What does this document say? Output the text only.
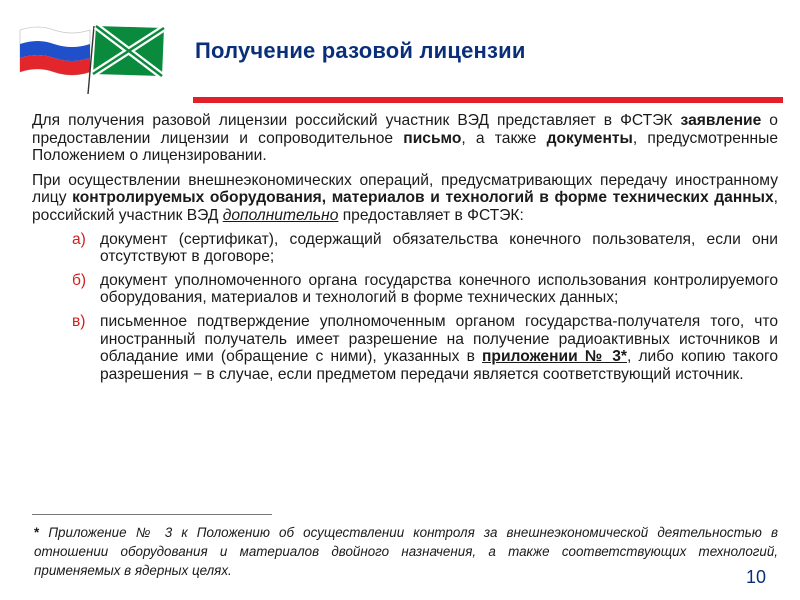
Получение разовой лицензии

Для получения разовой лицензии российский участник ВЭД представляет в ФСТЭК заявление о предоставлении лицензии и сопроводительное письмо, а также документы, предусмотренные Положением о лицензировании.

При осуществлении внешнеэкономических операций, предусматривающих передачу иностранному лицу контролируемых оборудования, материалов и технологий в форме технических данных, российский участник ВЭД дополнительно предоставляет в ФСТЭК:

а) документ (сертификат), содержащий обязательства конечного пользователя, если они отсутствуют в договоре;
б) документ уполномоченного органа государства конечного использования контролируемого оборудования, материалов и технологий в форме технических данных;
в) письменное подтверждение уполномоченным органом государства-получателя того, что иностранный получатель имеет разрешение на получение радиоактивных источников и обладание ими (обращение с ними), указанных в приложении № 3*, либо копию такого разрешения − в случае, если предметом передачи является соответствующий источник.
* Приложение № 3 к Положению об осуществлении контроля за внешнеэкономической деятельностью в отношении оборудования и материалов двойного назначения, а также соответствующих технологий, применяемых в ядерных целях.	10
